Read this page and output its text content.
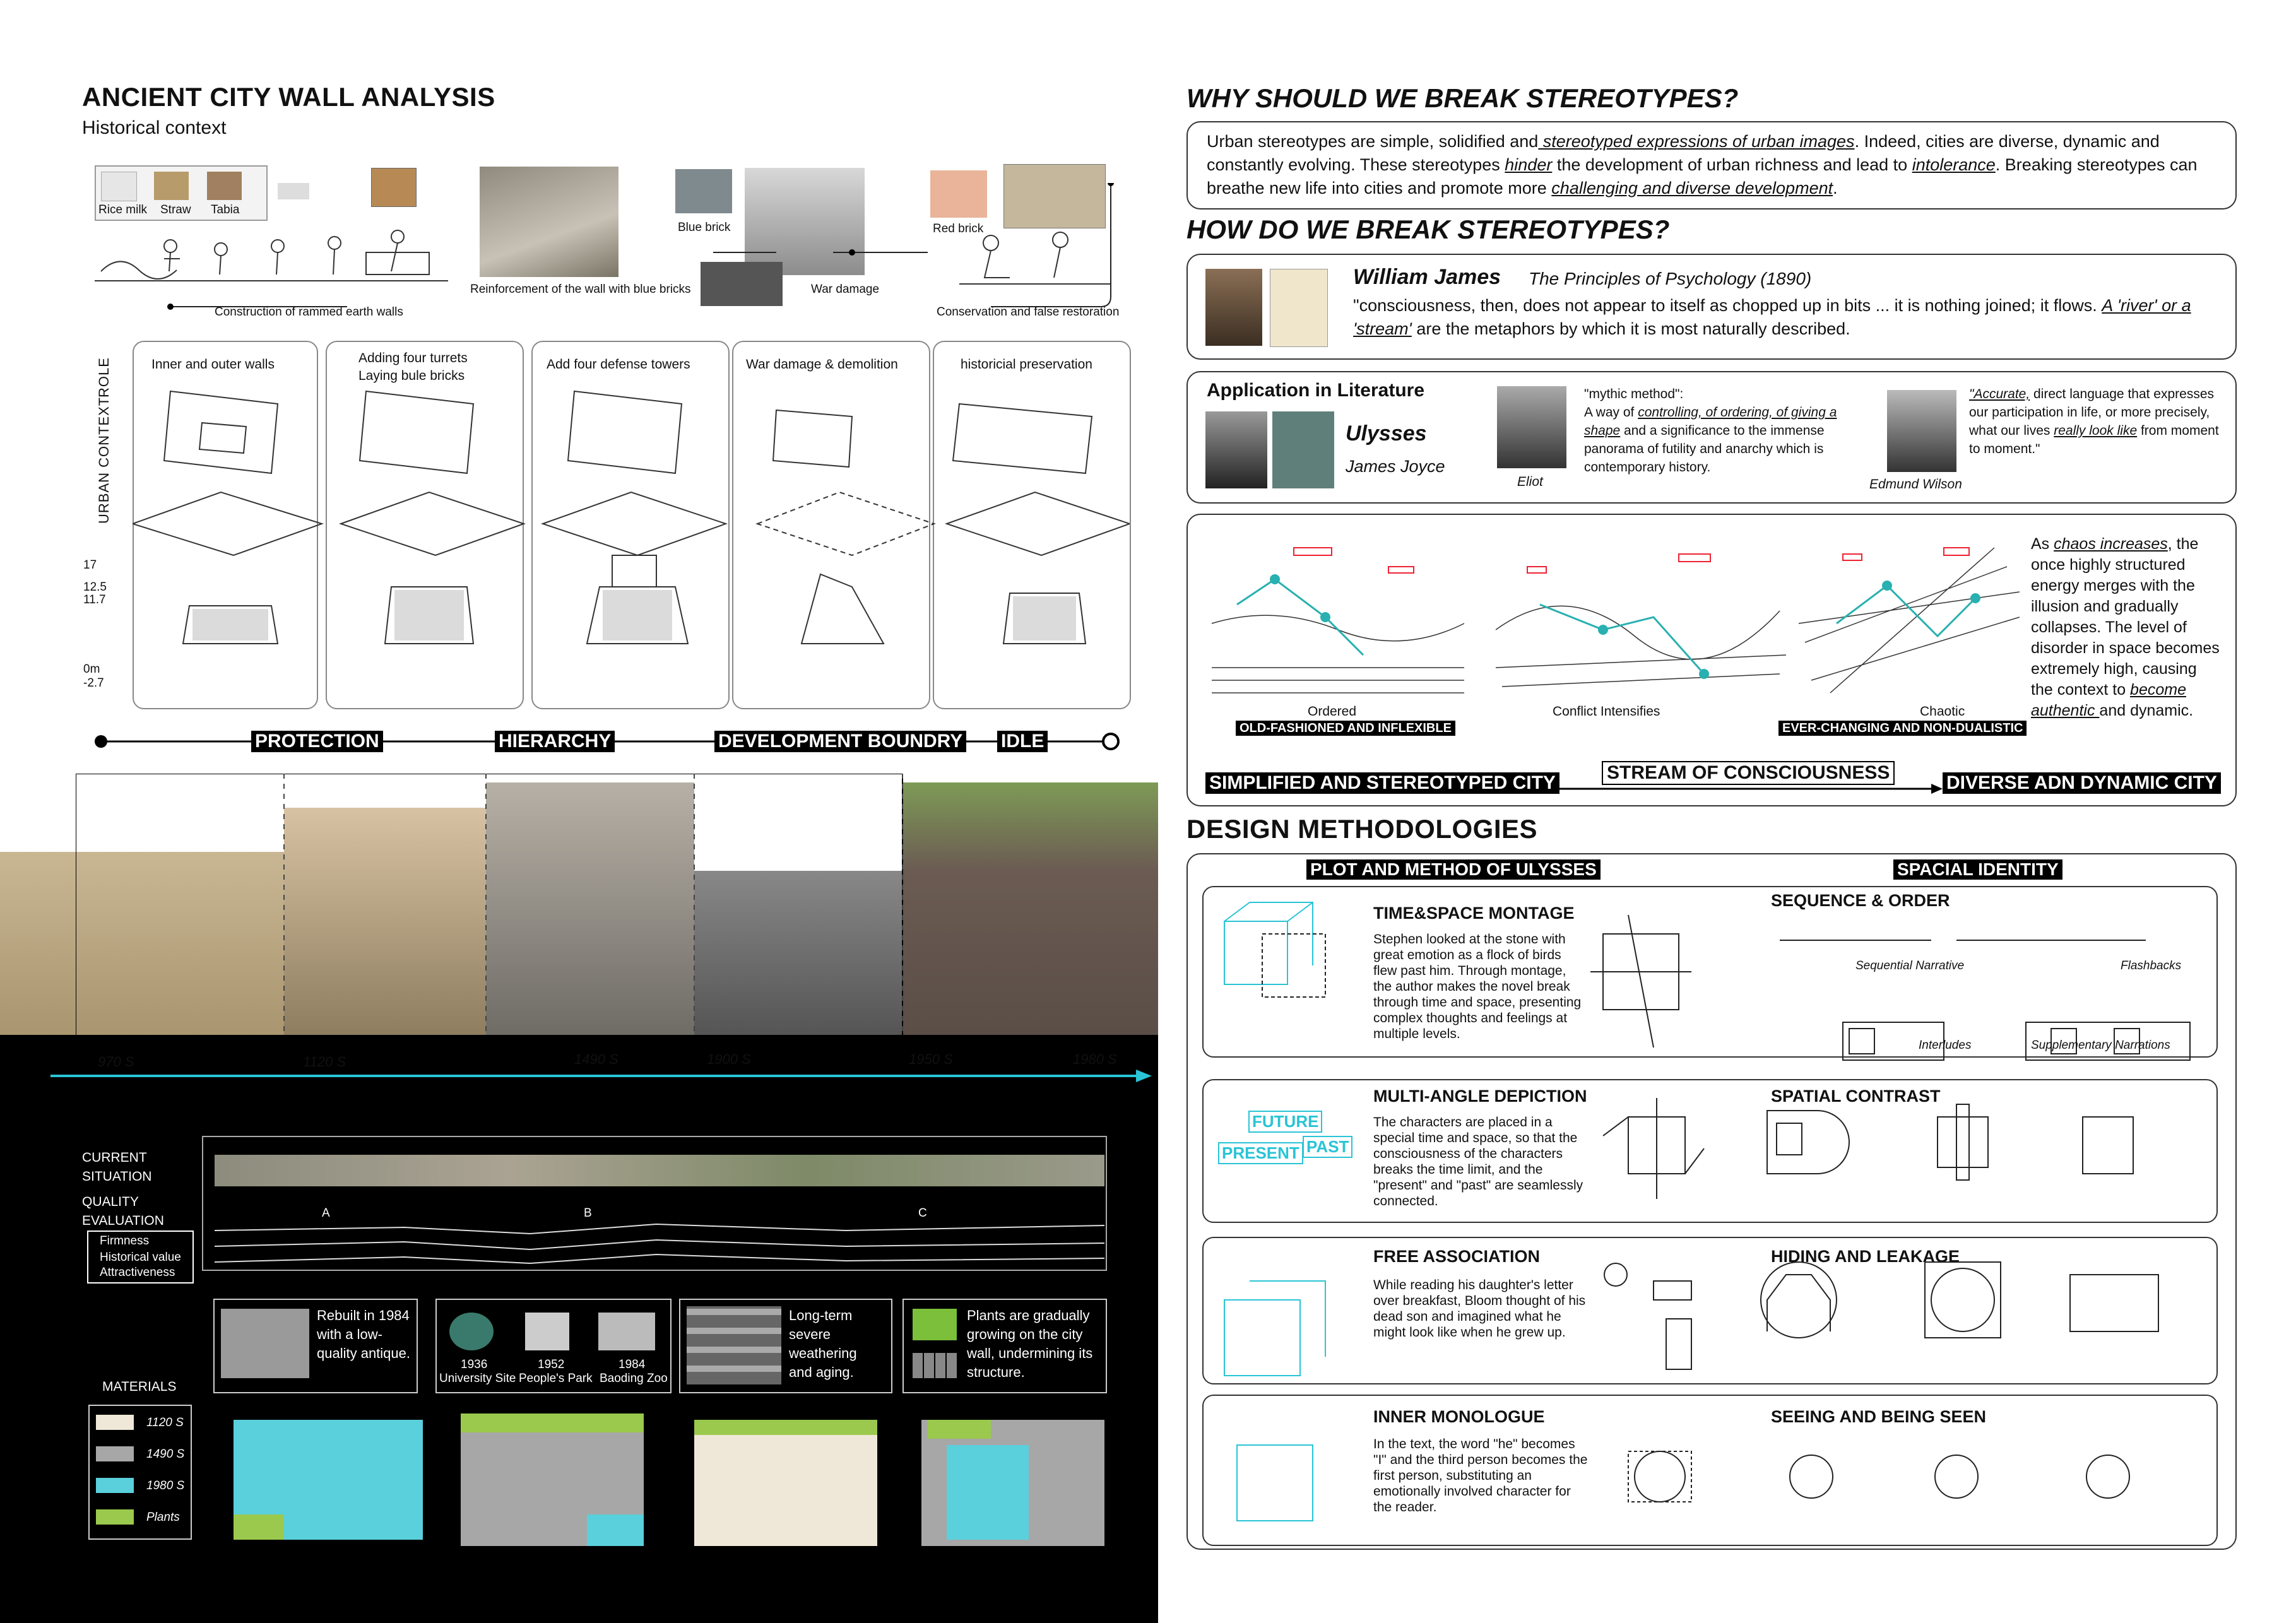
ANCIENT CITY WALL ANALYSIS
Historical context
Rice milk Straw Tabia
Blue brick	Red brick
Construction of rammed earth walls
Reinforcement of the wall with blue bricks	War damage
Conservation and false restoration
ROLE
URBAN CONTEXT
Inner and outer walls	Adding four turrets
Laying bule bricks
Add four defense towers	War damage & demolition	historicial preservation
17
12.5
11.7
0m
-2.7
PROTECTION	HIERARCHY	DEVELOPMENT BOUNDRY IDLE
970 S	1120 S	1490 S	1900 S	1950 S	1980 S
CURRENT
SITUATION
QUALITY
EVALUATION
Firmness
Historical value
Attractiveness
A	B	C
Rebuilt in 1984 with a low-quality antique.
1936
University Site
1952
People's Park
1984
Baoding Zoo
Long-term severe weathering and aging.
Plants are gradually growing on the city wall, undermining its structure.
MATERIALS
1120 S
1490 S
1980 S
Plants
WHY SHOULD WE BREAK STEREOTYPES?
Urban stereotypes are simple, solidified and stereotyped expressions of urban images. Indeed, cities are diverse, dynamic and constantly evolving. These stereotypes hinder the development of urban richness and lead to intolerance. Breaking stereotypes can breathe new life into cities and promote more challenging and diverse development.
HOW DO WE BREAK STEREOTYPES?
William James The Principles of Psychology (1890)
"consciousness, then, does not appear to itself as chopped up in bits ... it is nothing joined; it flows. A 'river' or a 'stream' are the metaphors by which it is most naturally described.
Application in Literature
Ulysses
James Joyce
Eliot
"mythic method":
A way of controlling, of ordering, of giving a shape and a significance to the immense panorama of futility and anarchy which is contemporary history.
Edmund Wilson
"Accurate, direct language that expresses our participation in life, or more precisely, what our lives really look like from moment to moment."
Ordered	Conflict Intensifies	Chaotic
OLD-FASHIONED AND INFLEXIBLE	EVER-CHANGING AND NON-DUALISTIC
As chaos increases, the once highly structured energy merges with the illusion and gradually collapses. The level of disorder in space becomes extremely high, causing the context to become authentic and dynamic.
SIMPLIFIED AND STEREOTYPED CITY	STREAM OF CONSCIOUSNESS	DIVERSE ADN DYNAMIC CITY
DESIGN METHODOLOGIES
PLOT AND METHOD OF ULYSSES	SPACIAL IDENTITY
TIME&SPACE MONTAGE
Stephen looked at the stone with great emotion as a flock of birds flew past him. Through montage, the author makes the novel break through time and space, presenting complex thoughts and feelings at multiple levels.
SEQUENCE & ORDER
MULTI-ANGLE DEPICTION
The characters are placed in a special time and space, so that the consciousness of the characters breaks the time limit, and the "present" and "past" are seamlessly connected.
SPATIAL CONTRAST
FREE ASSOCIATION
While reading his daughter's letter over breakfast, Bloom thought of his dead son and imagined what he might look like when he grew up.
HIDING AND LEAKAGE
INNER MONOLOGUE
In the text, the word "he" becomes "I" and the third person becomes the first person, substituting an emotionally involved character for the reader.
SEEING AND BEING SEEN
Sequential Narrative	Flashbacks
Interludes	Supplementary Narrations
FUTURE
PRESENT PAST
